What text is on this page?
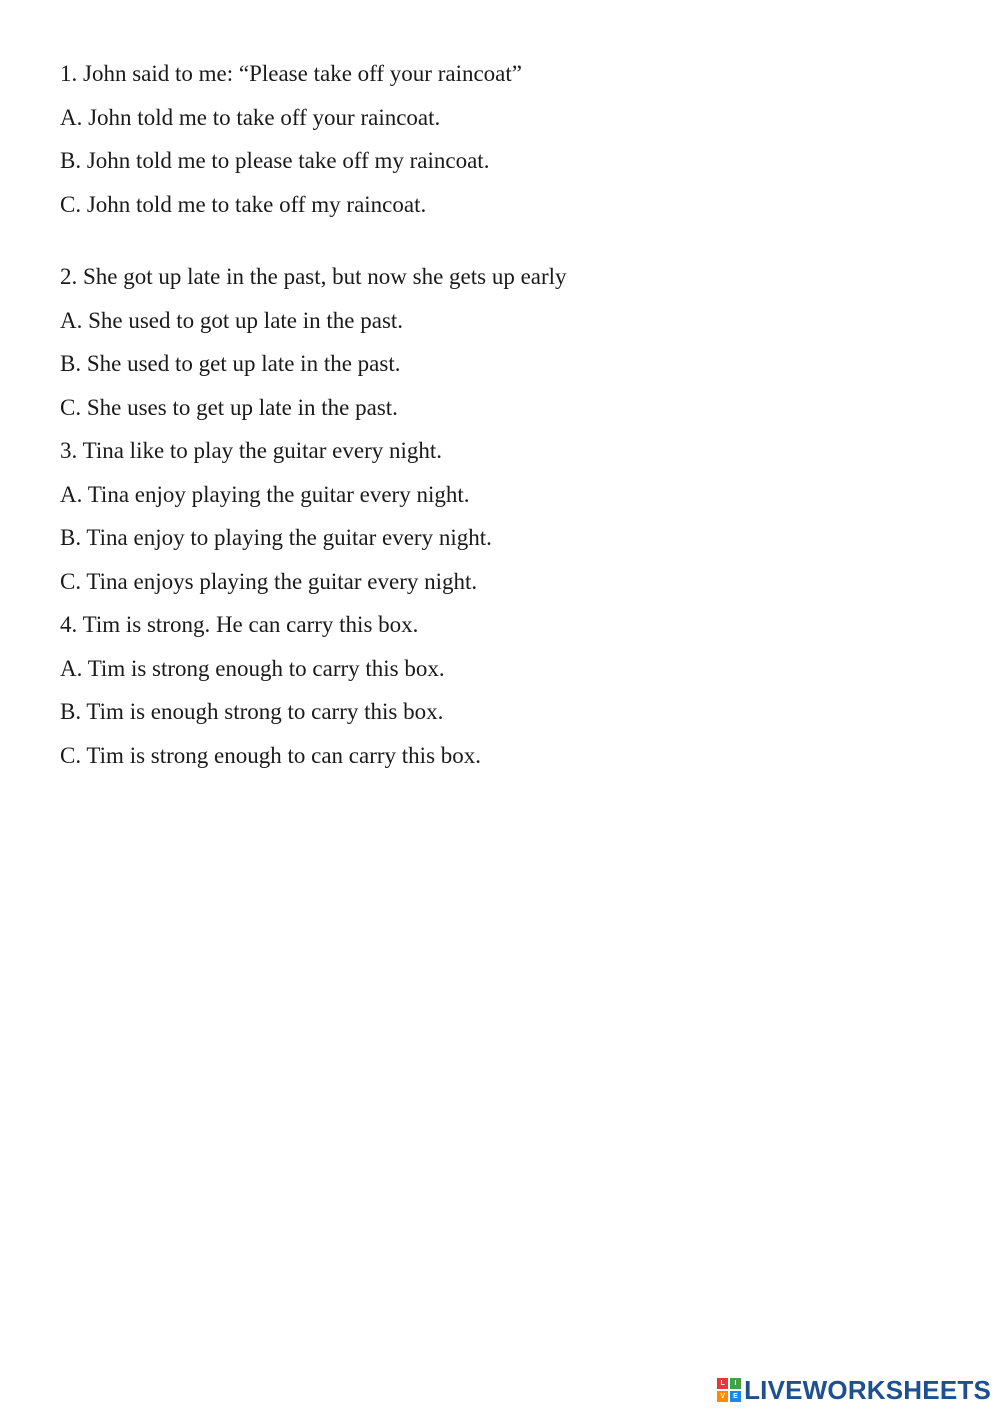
1. John said to me: “Please take off your raincoat”
A. John told me to take off your raincoat.
B. John told me to please take off my raincoat.
C. John told me to take off my raincoat.
2. She got up late in the past, but now she gets up early
A. She used to got up late in the past.
B. She used to get up late in the past.
C. She uses to get up late in the past.
3. Tina like to play the guitar every night.
A. Tina enjoy playing the guitar every night.
B. Tina enjoy to playing the guitar every night.
C. Tina enjoys playing the guitar every night.
4. Tim is strong. He can carry this box.
A. Tim is strong enough to carry this box.
B. Tim is enough strong to carry this box.
C. Tim is strong enough to can carry this box.
L	I
V	E LIVEWORKSHEETS
